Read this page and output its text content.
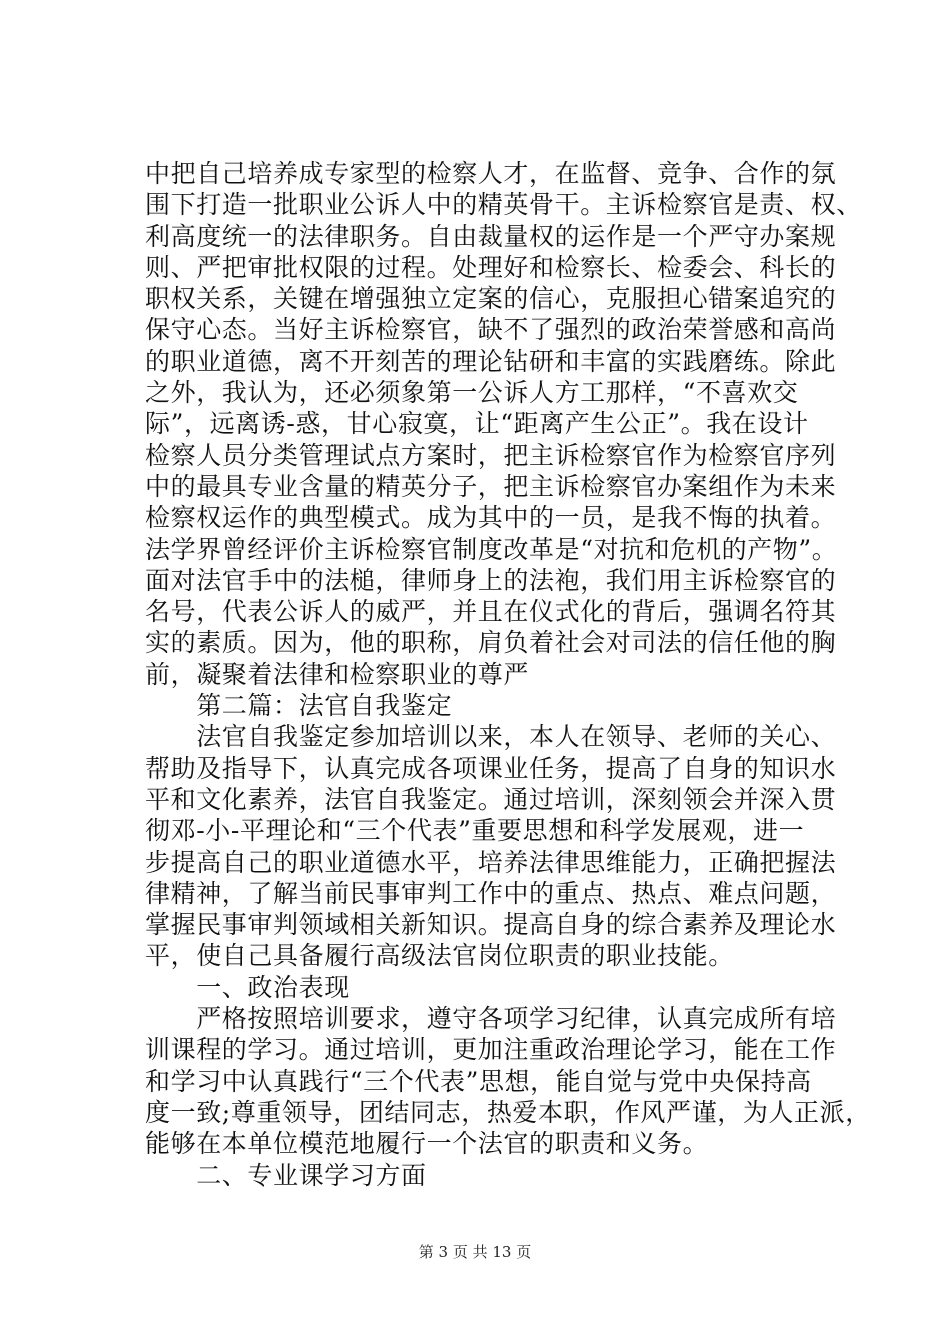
中把自己培养成专家型的检察人才，在监督、竞争、合作的氛
围下打造一批职业公诉人中的精英骨干。主诉检察官是责、权、
利高度统一的法律职务。自由裁量权的运作是一个严守办案规
则、严把审批权限的过程。处理好和检察长、检委会、科长的
职权关系，关键在增强独立定案的信心，克服担心错案追究的
保守心态。当好主诉检察官，缺不了强烈的政治荣誉感和高尚
的职业道德，离不开刻苦的理论钻研和丰富的实践磨练。除此
之外，我认为，还必须象第一公诉人方工那样，“不喜欢交
际”，远离诱-惑，甘心寂寞，让“距离产生公正”。我在设计
检察人员分类管理试点方案时，把主诉检察官作为检察官序列
中的最具专业含量的精英分子，把主诉检察官办案组作为未来
检察权运作的典型模式。成为其中的一员，是我不悔的执着。
法学界曾经评价主诉检察官制度改革是“对抗和危机的产物”。
面对法官手中的法槌，律师身上的法袍，我们用主诉检察官的
名号，代表公诉人的威严，并且在仪式化的背后，强调名符其
实的素质。因为，他的职称，肩负着社会对司法的信任他的胸
前，凝聚着法律和检察职业的尊严
　　第二篇：法官自我鉴定
　　法官自我鉴定参加培训以来，本人在领导、老师的关心、
帮助及指导下，认真完成各项课业任务，提高了自身的知识水
平和文化素养，法官自我鉴定。通过培训，深刻领会并深入贯
彻邓-小-平理论和“三个代表”重要思想和科学发展观，进一
步提高自己的职业道德水平，培养法律思维能力，正确把握法
律精神，了解当前民事审判工作中的重点、热点、难点问题，
掌握民事审判领域相关新知识。提高自身的综合素养及理论水
平，使自己具备履行高级法官岗位职责的职业技能。
　　一、政治表现
　　严格按照培训要求，遵守各项学习纪律，认真完成所有培
训课程的学习。通过培训，更加注重政治理论学习，能在工作
和学习中认真践行“三个代表”思想，能自觉与党中央保持高
度一致;尊重领导，团结同志，热爱本职，作风严谨，为人正派，
能够在本单位模范地履行一个法官的职责和义务。
　　二、专业课学习方面
第 3 页 共 13 页
